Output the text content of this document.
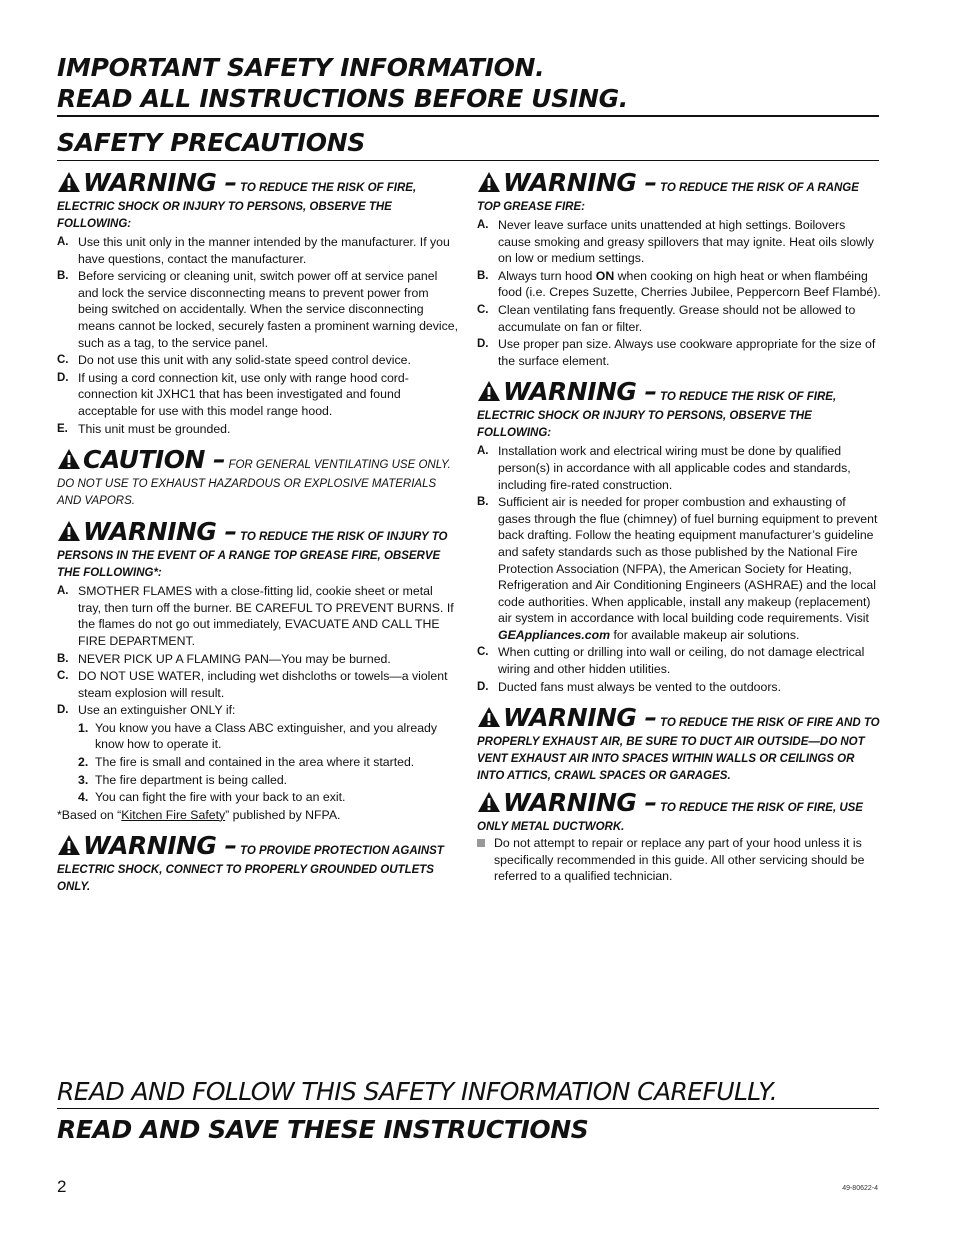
IMPORTANT SAFETY INFORMATION.
READ ALL INSTRUCTIONS BEFORE USING.
SAFETY PRECAUTIONS
WARNING – TO REDUCE THE RISK OF FIRE, ELECTRIC SHOCK OR INJURY TO PERSONS, OBSERVE THE FOLLOWING:
A. Use this unit only in the manner intended by the manufacturer. If you have questions, contact the manufacturer.
B. Before servicing or cleaning unit, switch power off at service panel and lock the service disconnecting means to prevent power from being switched on accidentally. When the service disconnecting means cannot be locked, securely fasten a prominent warning device, such as a tag, to the service panel.
C. Do not use this unit with any solid-state speed control device.
D. If using a cord connection kit, use only with range hood cord-connection kit JXHC1 that has been investigated and found acceptable for use with this model range hood.
E. This unit must be grounded.
CAUTION – FOR GENERAL VENTILATING USE ONLY. DO NOT USE TO EXHAUST HAZARDOUS OR EXPLOSIVE MATERIALS AND VAPORS.
WARNING – TO REDUCE THE RISK OF INJURY TO PERSONS IN THE EVENT OF A RANGE TOP GREASE FIRE, OBSERVE THE FOLLOWING*:
A. SMOTHER FLAMES with a close-fitting lid, cookie sheet or metal tray, then turn off the burner. BE CAREFUL TO PREVENT BURNS. If the flames do not go out immediately, EVACUATE AND CALL THE FIRE DEPARTMENT.
B. NEVER PICK UP A FLAMING PAN—You may be burned.
C. DO NOT USE WATER, including wet dishcloths or towels—a violent steam explosion will result.
D. Use an extinguisher ONLY if:
1. You know you have a Class ABC extinguisher, and you already know how to operate it.
2. The fire is small and contained in the area where it started.
3. The fire department is being called.
4. You can fight the fire with your back to an exit.
*Based on “Kitchen Fire Safety” published by NFPA.
WARNING – TO PROVIDE PROTECTION AGAINST ELECTRIC SHOCK, CONNECT TO PROPERLY GROUNDED OUTLETS ONLY.
WARNING – TO REDUCE THE RISK OF A RANGE TOP GREASE FIRE:
A. Never leave surface units unattended at high settings. Boilovers cause smoking and greasy spillovers that may ignite. Heat oils slowly on low or medium settings.
B. Always turn hood ON when cooking on high heat or when flambéing food (i.e. Crepes Suzette, Cherries Jubilee, Peppercorn Beef Flambé).
C. Clean ventilating fans frequently. Grease should not be allowed to accumulate on fan or filter.
D. Use proper pan size. Always use cookware appropriate for the size of the surface element.
WARNING – TO REDUCE THE RISK OF FIRE, ELECTRIC SHOCK OR INJURY TO PERSONS, OBSERVE THE FOLLOWING:
A. Installation work and electrical wiring must be done by qualified person(s) in accordance with all applicable codes and standards, including fire-rated construction.
B. Sufficient air is needed for proper combustion and exhausting of gases through the flue (chimney) of fuel burning equipment to prevent back drafting. Follow the heating equipment manufacturer’s guideline and safety standards such as those published by the National Fire Protection Association (NFPA), the American Society for Heating, Refrigeration and Air Conditioning Engineers (ASHRAE) and the local code authorities. When applicable, install any makeup (replacement) air system in accordance with local building code requirements. Visit GEAppliances.com for available makeup air solutions.
C. When cutting or drilling into wall or ceiling, do not damage electrical wiring and other hidden utilities.
D. Ducted fans must always be vented to the outdoors.
WARNING – TO REDUCE THE RISK OF FIRE AND TO PROPERLY EXHAUST AIR, BE SURE TO DUCT AIR OUTSIDE—DO NOT VENT EXHAUST AIR INTO SPACES WITHIN WALLS OR CEILINGS OR INTO ATTICS, CRAWL SPACES OR GARAGES.
WARNING – TO REDUCE THE RISK OF FIRE, USE ONLY METAL DUCTWORK.
Do not attempt to repair or replace any part of your hood unless it is specifically recommended in this guide. All other servicing should be referred to a qualified technician.
READ AND FOLLOW THIS SAFETY INFORMATION CAREFULLY.
READ AND SAVE THESE INSTRUCTIONS
2	49-80622-4
